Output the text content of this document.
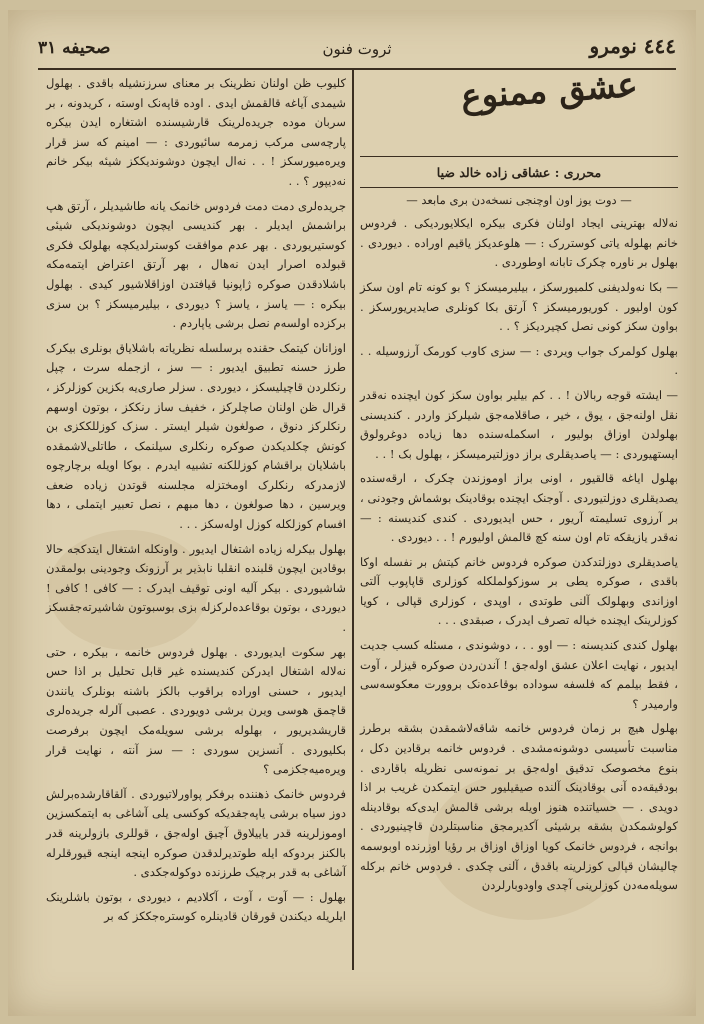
٤٤٤ نومرو
ثروت فنون
صحیفه ۳۱
عشق ممنوع
محرری : عشاقی زاده خالد ضیا
— دوت یوز اون اوچنجی نسخه‌دن بری مابعد —

نه‌ﻻله بهترینی ایجاد اولنان فکری بیکره ایکلایوردیکی . فردوس خانم بهلوله یاتی کوستررک : — هلوعدیکز یاقیم اوراده . دیوردی . بهلول بر ناوره چکرک تابانه اوطوردی .

— بکا نه‌ولدیفنی کلمیورسکز ، بیلیرمیسکز ؟ بو کونه تام اون سکز کون اولیور . کوریورمیسکز ؟ آرتق بکا کونلری صایدیریورسکز . بواون سکز کونی نصل کچیردیکز ؟ . .

بهلول کولمرک جواب ویردی : — سزی کاوب کورمک آرزوسیله . . .

— ایشته قوجه رباﻻن ! . . کم بیلیر بواون سکز کون ایچنده نه‌قدر نقل اولنه‌جق ، یوق ، خیر ، صاقلامه‌جق شیلرکز واردر . کندیسنی بهلولدن اوزاق بولیور ، اسکمله‌سنده دها زیاده دوغرولوق ایستهیوردی : — یاصدیقلری براز دوزلتیرمیسکز ، بهلول بک ! . .

بهلول ایاغه قالقیور ، اونی براز اوموزندن چکرک ، ارقه‌سنده یصدیقلری دوزلتیوردی . آوجنک ایچنده بوقادینک بوشماش وجودنی ، بر آرزوی تسلیمته آریور ، حس ایدیوردی . کندی کندیسنه : — نه‌قدر یازیقکه تام اون سنه کچ قالمش اولیورم ! . . دیوردی .

یاصدیقلری دوزلتدکدن صوکره فردوس خانم کیتش بر نفسله اوکا باقدی ، صوکره یطی بر سوزکولملکله کوزلری قاپاپوب آلتی اوزاندی وبهلولک آلنی طوتدی ، اوپدی ، کوزلری قپالی ، کویا کوزلرینک ایچنده خیاله تصرف ایدرک ، صبقدی . . .

بهلول کندی کندیسنه : — اوو . . ، دوشوندی ، مسئله کسب جدیت ایدیور ، نهایت اعلان عشق اوله‌جق ! آندن‌ردن صوکره قیزلر ، آوت ، فقط بیلمم که فلسفه سوداده بوقاعده‌نک بروورت معکوسه‌سی وارمیدر ؟

بهلول هیچ بر زمان فردوس خانمه شاقه‌لاشمقدن بشقه برطرز مناسبت تأسیسی دوشونه‌مشدی . فردوس خانمه برقادین دکل ، بنوع مخصوصک تدقیق اوله‌جق بر نمونه‌سی نظریله باقاردی . بودقیقه‌ده آنی بوقادینک آلنده صیقیلیور حس ایتمکدن غریب بر اذا دویدی . — حسیاتنده هنوز اویله برشی قالمش ایدی‌که بوقادینله کولوشمکدن بشقه برشیئی آکدیرمجق مناسبتلردن قاچینیوردی . بوانجه ، فردوس خانمک کویا اوزاق اوزاق بر رؤیا اوزرنده اوبوسمه چالیشان قپالی کوزلرینه باقدق ، آلنی چکدی . فردوس خانم برکله سویله‌مه‌دن کوزلرینی آچدی واودوبارلردن

کلیوب ظن اولنان نظرینک بر معنای سرزنشیله باقدی . بهلول شیمدی آیاغه قالقمش ایدی . اوده قاپه‌نک اوسته ، کریدونه ، بر سربان موده جریده‌لرینک قارشیسنده اشتغاره ایدن بیکره پارچه‌سی مرکب زمرمه سائیوردی : — امینم که سز قرار ویره‌میورسکز ! . . نه‌ال ایچون دوشوندیککز شیئه بیکر خانم نه‌دیپور ؟ . .

جریده‌لری دمت دمت فردوس خانمک یانه طاشیدیلر ، آرتق هپ براشمش ایدیلر . بهر کندیسی ایچون دوشوندیکی شیئی کوستیریوردی . بهر عدم موافقت کوسترلدیکچه بهلولک فکری قبولده اصرار ایدن نه‌هال ، بهر آرتق اعتراض ایتمه‌مکه باشلادقدن صوکره ژاپونیا قیافتدن اوزاقلاشیور کیدی . بهلول بیکره : — یاسز ، یاسز ؟ دیوردی ، بیلیرمیسکز ؟ بن سزی برکزده اولسه‌م نصل برشی یاپاردم .

اوزانان کیتمک حقنده برسلسله نظریاته باشلایاق بونلری بیکرک طرز حسنه تطبیق ایدیور : — سز ، ازجمله سرت ، چپل رنکلردن قاچیلیسکز ، دیوردی . سزلر صاری‌یه بکزین کوزلرکز ، قرال ظن اولنان صاچلرکز ، خفیف ساز رنککز ، بوتون اوسهم رنکلرکز دنوق ، صولغون شیلر ایستر . سزک کوزللککزی بن کونش چکلدیکدن صوکره رنکلری سیلنمک ، طاتلی‌لاشمقده باشلایان براقشام کوزللکنه تشبیه ایدرم . بوکا اویله برچارچوه لازمدرکه رنکلرک اومختزله مجلسنه قوتدن زیاده ضعف ویرسین ، دها صولغون ، دها مبهم ، نصل تعبیر ایتملی ، دها افسام کوزلکله کوزل اوله‌سکز . . .

بهلول بیکرله زیاده اشتغال ایدیور . واونکله اشتغال ایتدکجه حالا بوقادین ایچون قلبنده انقلبا نابذیر بر آرزونک وجودینی بولمقدن شاشیوردی . بیکر آلیه اونی توقیف ایدرک : — کافی ! کافی ! دیوردی ، بوتون بوقاعده‌لرکزله بزی بوسبوتون شاشیرته‌جقسکز .

بهر سکوت ایدیوردی . بهلول فردوس خانمه ، بیکره ، حتی نه‌ﻻله اشتغال ایدرکن کندیسنده غیر قابل تحلیل بر اذا حس ایدیور ، حسنی اوراده براقوب بالکز باشنه بونلرک یانندن قاچمق هوسی ویرن برشی دویوردی . عصبی آلرله جریده‌لری قاریشدیریور ، بهلوله برشی سویله‌مک ایچون برفرصت بکلیوردی . آنسزین سوردی : — سز آنته ، نهایت قرار ویره‌میه‌جکزمی ؟

فردوس خانمک ذهننده برفکر پواورلاتیوردی . آلقاقارشده‌برلش دوز سیاه برشی یاپه‌جقدیکه کوکسی یلی آشاغی به ایتمکسزین اوموزلرینه قدر یاییلاوق آچیق اوله‌جق ، قوللری بازولرینه قدر بالکنز بردوکه ایله طوتدیرلدقدن صوکره اینجه اینجه قیورقلرله آشاغی به قدر برچیک طرزنده دوکوله‌جکدی .

بهلول : — آوت ، آوت ، آکلادیم ، دیوردی ، بوتون باشلرینک ایلریله دیکندن قورقان قادینلره کوستره‌جککز که بر
